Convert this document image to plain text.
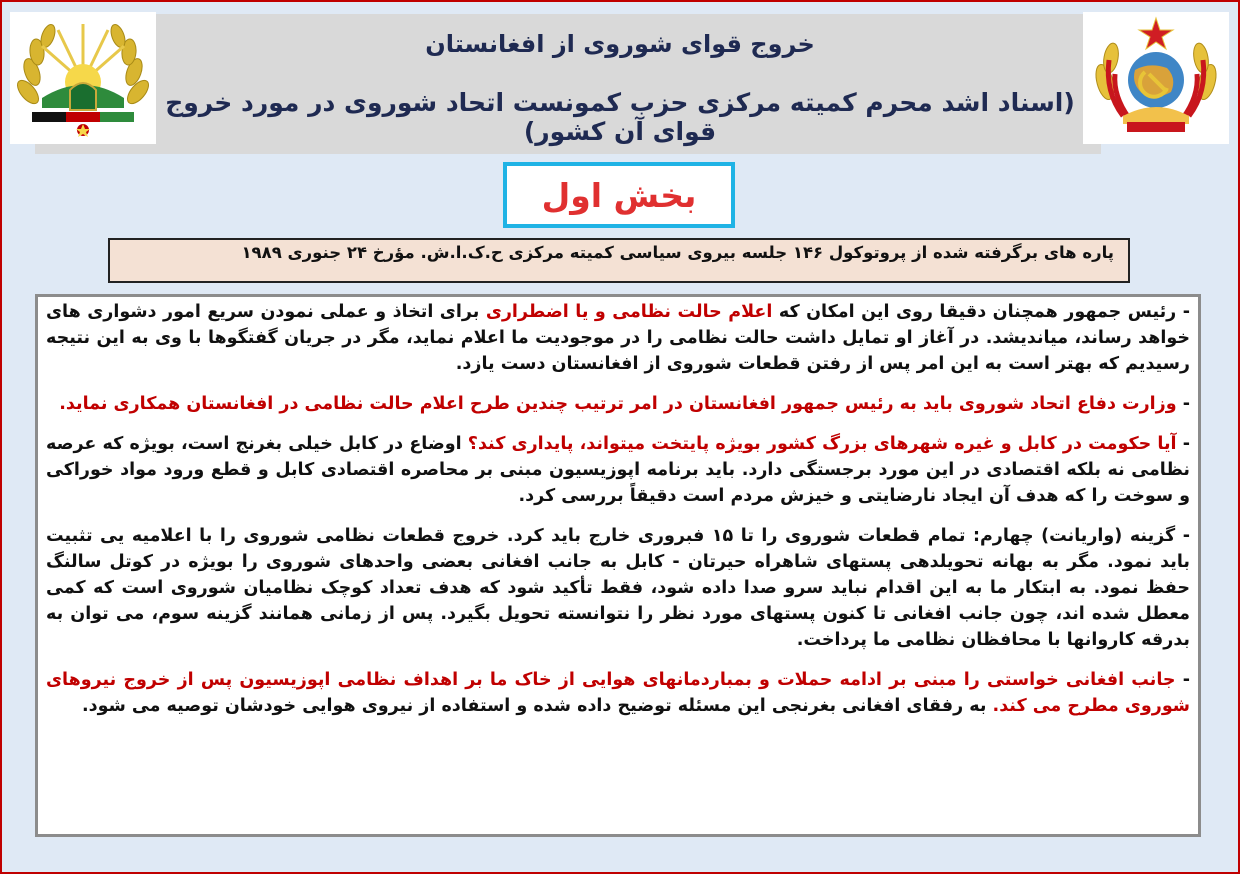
خروج قوای شوروی از افغانستان
(اسناد اشد محرم کمیته مرکزی حزب کمونست اتحاد شوروی در مورد خروج قوای آن کشور)
بخش اول
پاره های برگرفته شده از پروتوکول ۱۴۶ جلسه بیروی سیاسی کمیته مرکزی ح.ک.ا.ش. مؤرخ ۲۴ جنوری ۱۹۸۹

- رئیس جمهور همچنان دقیقا روی این امکان که اعلام حالت نظامی و یا اضطراری برای اتخاذ و عملی نمودن سریع امور دشواری های خواهد رساند، میاندیشد. در آغاز او تمایل داشت حالت نظامی را در موجودیت ما اعلام نماید، مگر در جریان گفتگوها با وی به این نتیجه رسیدیم که بهتر است به این امر پس از رفتن قطعات شوروی از افغانستان دست یازد.

- وزارت دفاع اتحاد شوروی باید به رئیس جمهور افغانستان در امر ترتیب چندین طرح اعلام حالت نظامی در افغانستان همکاری نماید.

- آیا حکومت در کابل و غیره شهرهای بزرگ کشور بویژه پایتخت میتواند، پایداری کند؟ اوضاع در کابل خیلی بغرنج است، بویژه که عرصه نظامی نه بلکه اقتصادی در این مورد برجستگی دارد. باید برنامه اپوزیسیون مبنی بر محاصره اقتصادی کابل و قطع ورود مواد خوراکی و سوخت را که هدف آن ایجاد نارضایتی و خیزش مردم است دقیقاً بررسی کرد.

- گزینه (واریانت) چهارم: تمام قطعات شوروی را تا ۱۵ فبروری خارج باید کرد. خروج قطعات نظامی شوروی را با اعلامیه یی تثبیت باید نمود. مگر به بهانه تحویلدهی پستهای شاهراه حیرتان - کابل به جانب افغانی بعضی واحدهای شوروی را بویژه در کوتل سالنگ حفظ نمود. به ابتکار ما به این اقدام نباید سرو صدا داده شود، فقط تأکید شود که هدف تعداد کوچک نظامیان شوروی است که کمی معطل شده اند، چون جانب افغانی تا کنون پستهای مورد نظر را نتوانسته تحویل بگیرد. پس از زمانی همانند گزینه سوم، می توان به بدرقه کاروانها با محافظان نظامی ما پرداخت.

- جانب افغانی خواستی را مبنی بر ادامه حملات و بمباردمانهای هوایی از خاک ما بر اهداف نظامی اپوزیسیون پس از خروج نیروهای شوروی مطرح می کند. به رفقای افغانی بغرنجی این مسئله توضیح داده شده و استفاده از نیروی هوایی خودشان توصیه می شود.
